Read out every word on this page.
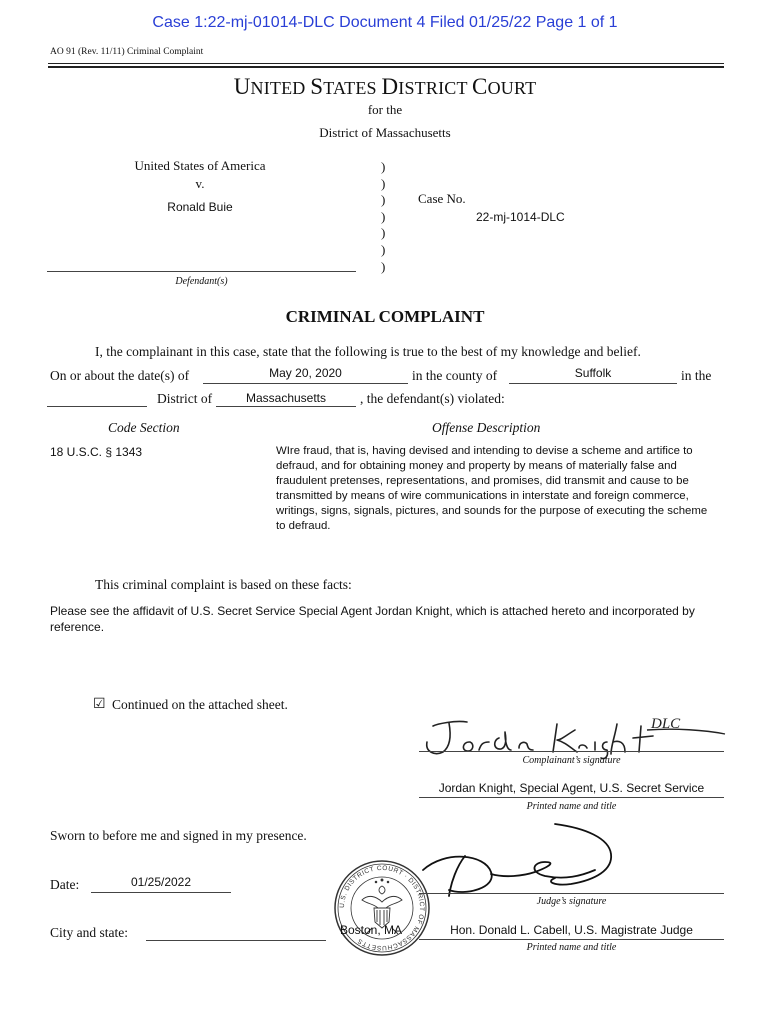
Case 1:22-mj-01014-DLC Document 4 Filed 01/25/22 Page 1 of 1
AO 91 (Rev. 11/11) Criminal Complaint
UNITED STATES DISTRICT COURT
for the
District of Massachusetts
United States of America
v.
Ronald Buie
)
)
)
)
)
)
)
Case No.
22-mj-1014-DLC
Defendant(s)
CRIMINAL COMPLAINT
I, the complainant in this case, state that the following is true to the best of my knowledge and belief.
On or about the date(s) of	May 20, 2020	in the county of	Suffolk	in the
District of	Massachusetts	, the defendant(s) violated:
Code Section	Offense Description
18 U.S.C. § 1343	WIre fraud, that is, having devised and intending to devise a scheme and artifice to defraud, and for obtaining money and property by means of materially false and fraudulent pretenses, representations, and promises, did transmit and cause to be transmitted by means of wire communications in interstate and foreign commerce, writings, signs, signals, pictures, and sounds for the purpose of executing the scheme to defraud.
This criminal complaint is based on these facts:
Please see the affidavit of U.S. Secret Service Special Agent Jordan Knight, which is attached hereto and incorporated by reference.
☑ Continued on the attached sheet.
DLC
Complainant’s signature
Jordan Knight, Special Agent, U.S. Secret Service
Printed name and title
Sworn to before me and signed in my presence.
Date:	01/25/2022
U.S. DISTRICT COURT · DISTRICT OF MASSACHUSETTS
Judge’s signature
City and state:	Boston, MA	Hon. Donald L. Cabell, U.S. Magistrate Judge
Printed name and title
